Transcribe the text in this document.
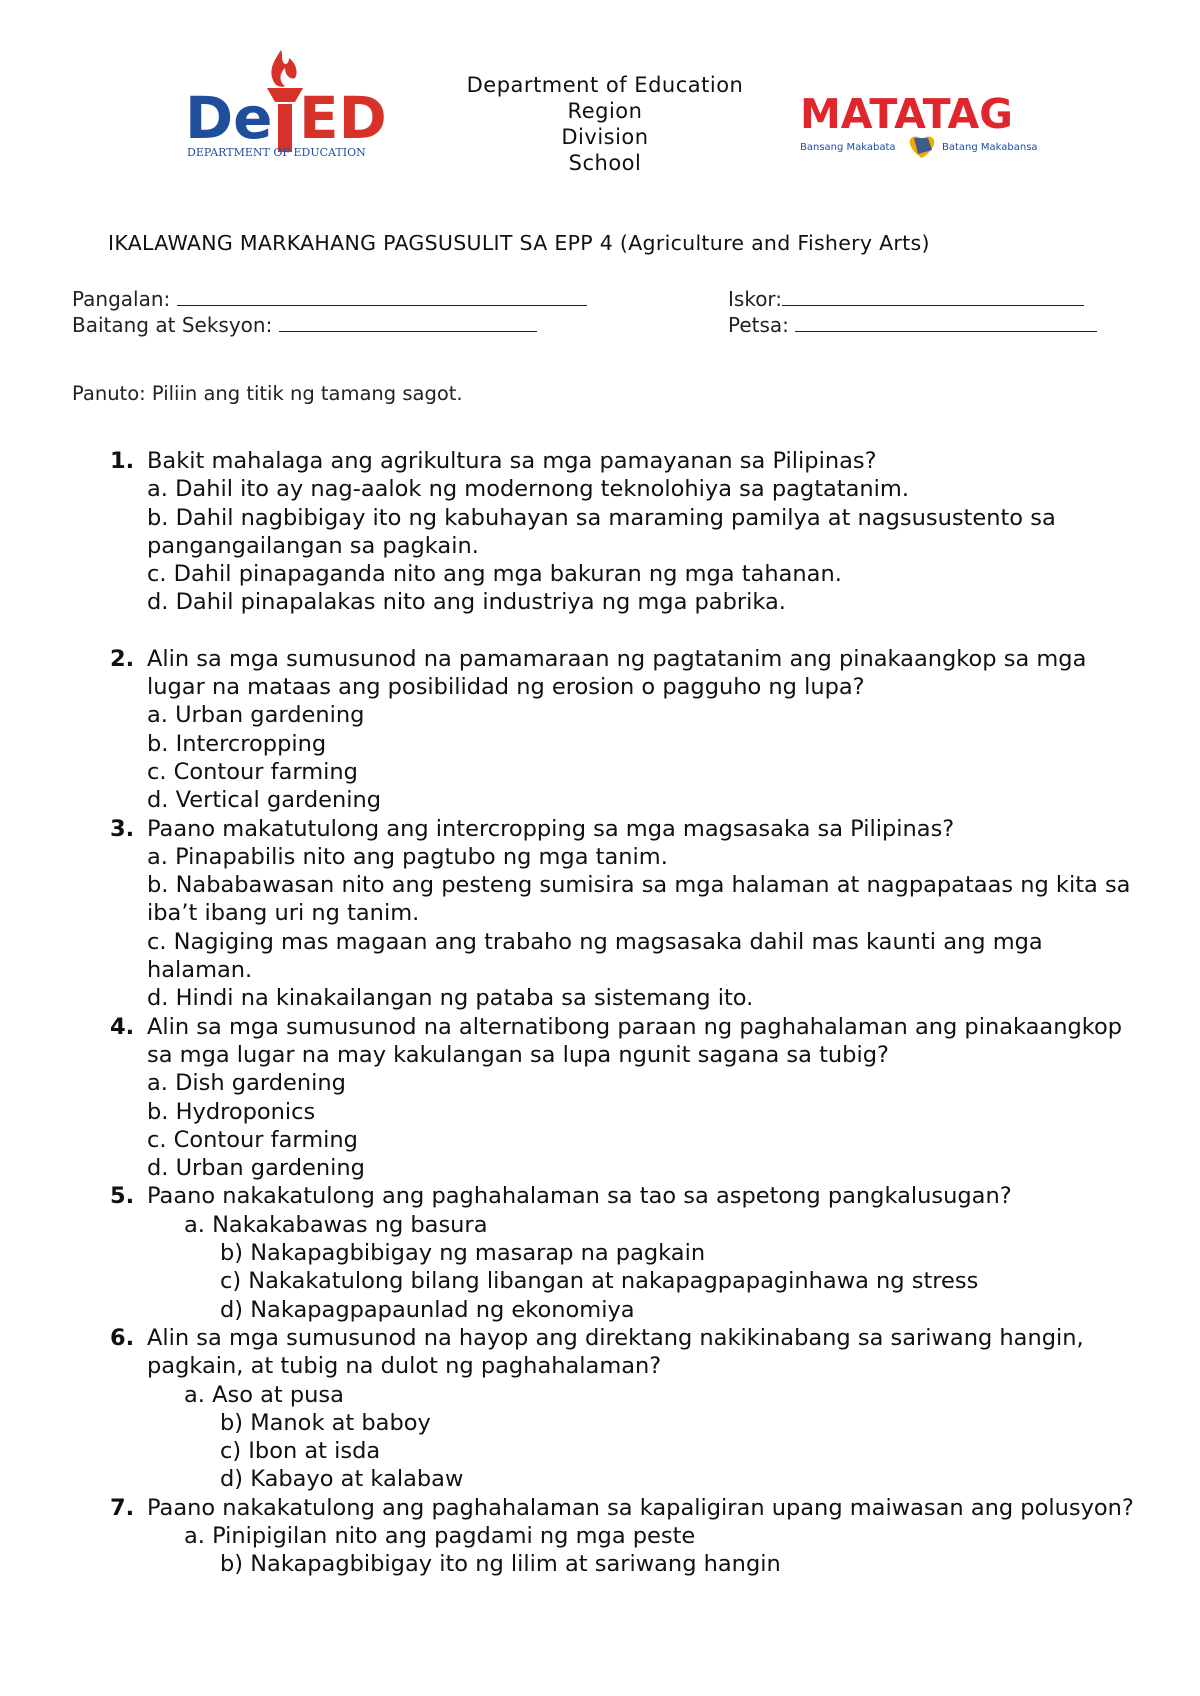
De ED
DEPARTMENT OF EDUCATION
MATATAG
Bansang Makabata	Batang Makabansa
Department of Education
Region
Division
School
IKALAWANG MARKAHANG PAGSUSULIT SA EPP 4 (Agriculture and Fishery Arts)
Pangalan:	Iskor:
Baitang at Seksyon:	Petsa:
Panuto: Piliin ang titik ng tamang sagot.
1. Bakit mahalaga ang agrikultura sa mga pamayanan sa Pilipinas?
a. Dahil ito ay nag-aalok ng modernong teknolohiya sa pagtatanim.
b. Dahil nagbibigay ito ng kabuhayan sa maraming pamilya at nagsusustento sa pangangailangan sa pagkain.
c. Dahil pinapaganda nito ang mga bakuran ng mga tahanan.
d. Dahil pinapalakas nito ang industriya ng mga pabrika.
2. Alin sa mga sumusunod na pamamaraan ng pagtatanim ang pinakaangkop sa mga lugar na mataas ang posibilidad ng erosion o pagguho ng lupa?
a. Urban gardening
b. Intercropping
c. Contour farming
d. Vertical gardening
3. Paano makatutulong ang intercropping sa mga magsasaka sa Pilipinas?
a. Pinapabilis nito ang pagtubo ng mga tanim.
b. Nababawasan nito ang pesteng sumisira sa mga halaman at nagpapataas ng kita sa iba’t ibang uri ng tanim.
c. Nagiging mas magaan ang trabaho ng magsasaka dahil mas kaunti ang mga halaman.
d. Hindi na kinakailangan ng pataba sa sistemang ito.
4. Alin sa mga sumusunod na alternatibong paraan ng paghahalaman ang pinakaangkop sa mga lugar na may kakulangan sa lupa ngunit sagana sa tubig?
a. Dish gardening
b. Hydroponics
c. Contour farming
d. Urban gardening
5. Paano nakakatulong ang paghahalaman sa tao sa aspetong pangkalusugan?
a. Nakakabawas ng basura
b) Nakapagbibigay ng masarap na pagkain
c) Nakakatulong bilang libangan at nakapagpapaginhawa ng stress
d) Nakapagpapaunlad ng ekonomiya
6. Alin sa mga sumusunod na hayop ang direktang nakikinabang sa sariwang hangin, pagkain, at tubig na dulot ng paghahalaman?
a. Aso at pusa
b) Manok at baboy
c) Ibon at isda
d) Kabayo at kalabaw
7. Paano nakakatulong ang paghahalaman sa kapaligiran upang maiwasan ang polusyon?
a. Pinipigilan nito ang pagdami ng mga peste
b) Nakapagbibigay ito ng lilim at sariwang hangin
